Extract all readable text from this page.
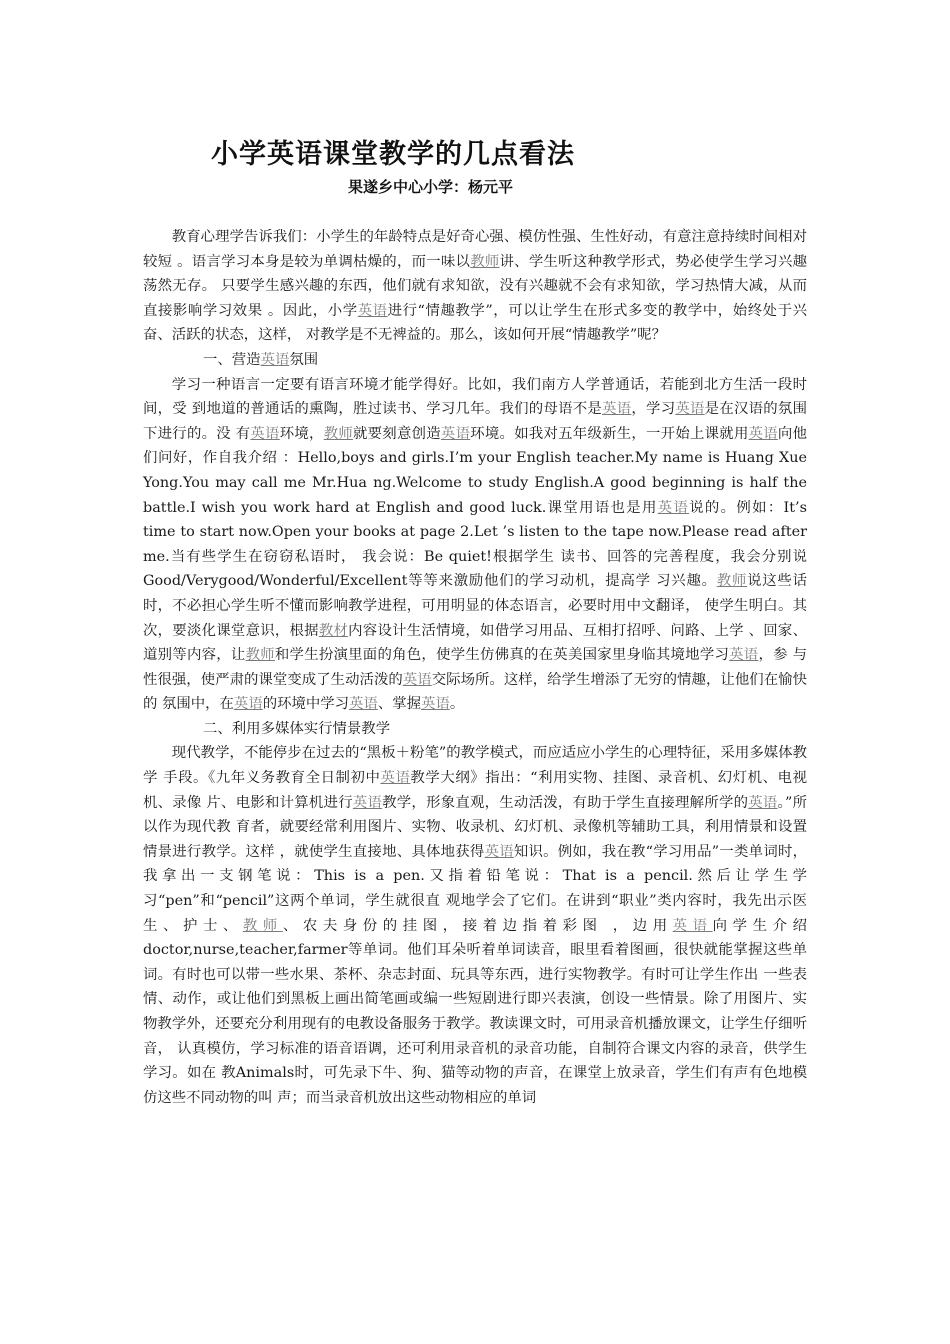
小学英语课堂教学的几点看法

果遂乡中心小学：杨元平

教育心理学告诉我们：小学生的年龄特点是好奇心强、模仿性强、生性好动，有意注意持续时间相对较短 。语言学习本身是较为单调枯燥的，而一味以教师讲、学生听这种教学形式，势必使学生学习兴趣荡然无存。 只要学生感兴趣的东西，他们就有求知欲，没有兴趣就不会有求知欲，学习热情大减，从而直接影响学习效果 。因此，小学英语进行“情趣教学”，可以让学生在形式多变的教学中，始终处于兴奋、活跃的状态，这样， 对教学是不无裨益的。那么，该如何开展“情趣教学”呢？

一、营造英语氛围

学习一种语言一定要有语言环境才能学得好。比如，我们南方人学普通话，若能到北方生活一段时间，受 到地道的普通话的熏陶，胜过读书、学习几年。我们的母语不是英语，学习英语是在汉语的氛围下进行的。没 有英语环境，教师就要刻意创造英语环境。如我对五年级新生，一开始上课就用英语向他们问好，作自我介绍 ：Hello,boys and girls.I’m your English teacher.My name is Huang Xue Yong.You may call me Mr.Hua ng.Welcome to study English.A good beginning is half the battle.I wish you work hard at English and good luck.课堂用语也是用英语说的。例如：It’s time to start now.Open your books at page 2.Let ’s listen to the tape now.Please read after me.当有些学生在窃窃私语时， 我会说：Be quiet!根据学生 读书、回答的完善程度，我会分别说Good/Verygood/Wonderful/Excellent等等来激励他们的学习动机，提高学 习兴趣。教师说这些话时，不必担心学生听不懂而影响教学进程，可用明显的体态语言，必要时用中文翻译， 使学生明白。其次，要淡化课堂意识，根据教材内容设计生活情境，如借学习用品、互相打招呼、问路、上学 、回家、道别等内容，让教师和学生扮演里面的角色，使学生仿佛真的在英美国家里身临其境地学习英语，参 与性很强，使严肃的课堂变成了生动活泼的英语交际场所。这样，给学生增添了无穷的情趣，让他们在愉快的 氛围中，在英语的环境中学习英语、掌握英语。

二、利用多媒体实行情景教学

现代教学，不能停步在过去的“黑板＋粉笔”的教学模式，而应适应小学生的心理特征，采用多媒体教学 手段。《九年义务教育全日制初中英语教学大纲》指出：“利用实物、挂图、录音机、幻灯机、电视机、录像 片、电影和计算机进行英语教学，形象直观，生动活泼，有助于学生直接理解所学的英语。”所以作为现代教 育者，就要经常利用图片、实物、收录机、幻灯机、录像机等辅助工具，利用情景和设置情景进行教学。这样 ，就使学生直接地、具体地获得英语知识。例如，我在教“学习用品”一类单词时，我拿出一支钢笔说：This is a pen.又指着铅笔说：That is a pencil.然后让学生学习“pen”和“pencil”这两个单词，学生就很直 观地学会了它们。在讲到“职业”类内容时，我先出示医生、护士、教师、农夫身份的挂图，接着边指着彩图 ，边用英语向学生介绍doctor,nurse,teacher,farmer等单词。他们耳朵听着单词读音，眼里看着图画，很快就能掌握这些单词。有时也可以带一些水果、茶杯、杂志封面、玩具等东西，进行实物教学。有时可让学生作出 一些表情、动作，或让他们到黑板上画出简笔画或编一些短剧进行即兴表演，创设一些情景。除了用图片、实 物教学外，还要充分利用现有的电教设备服务于教学。教读课文时，可用录音机播放课文，让学生仔细听音， 认真模仿，学习标准的语音语调，还可利用录音机的录音功能，自制符合课文内容的录音，供学生学习。如在 教Animals时，可先录下牛、狗、猫等动物的声音，在课堂上放录音，学生们有声有色地模仿这些不同动物的叫 声；而当录音机放出这些动物相应的单词
